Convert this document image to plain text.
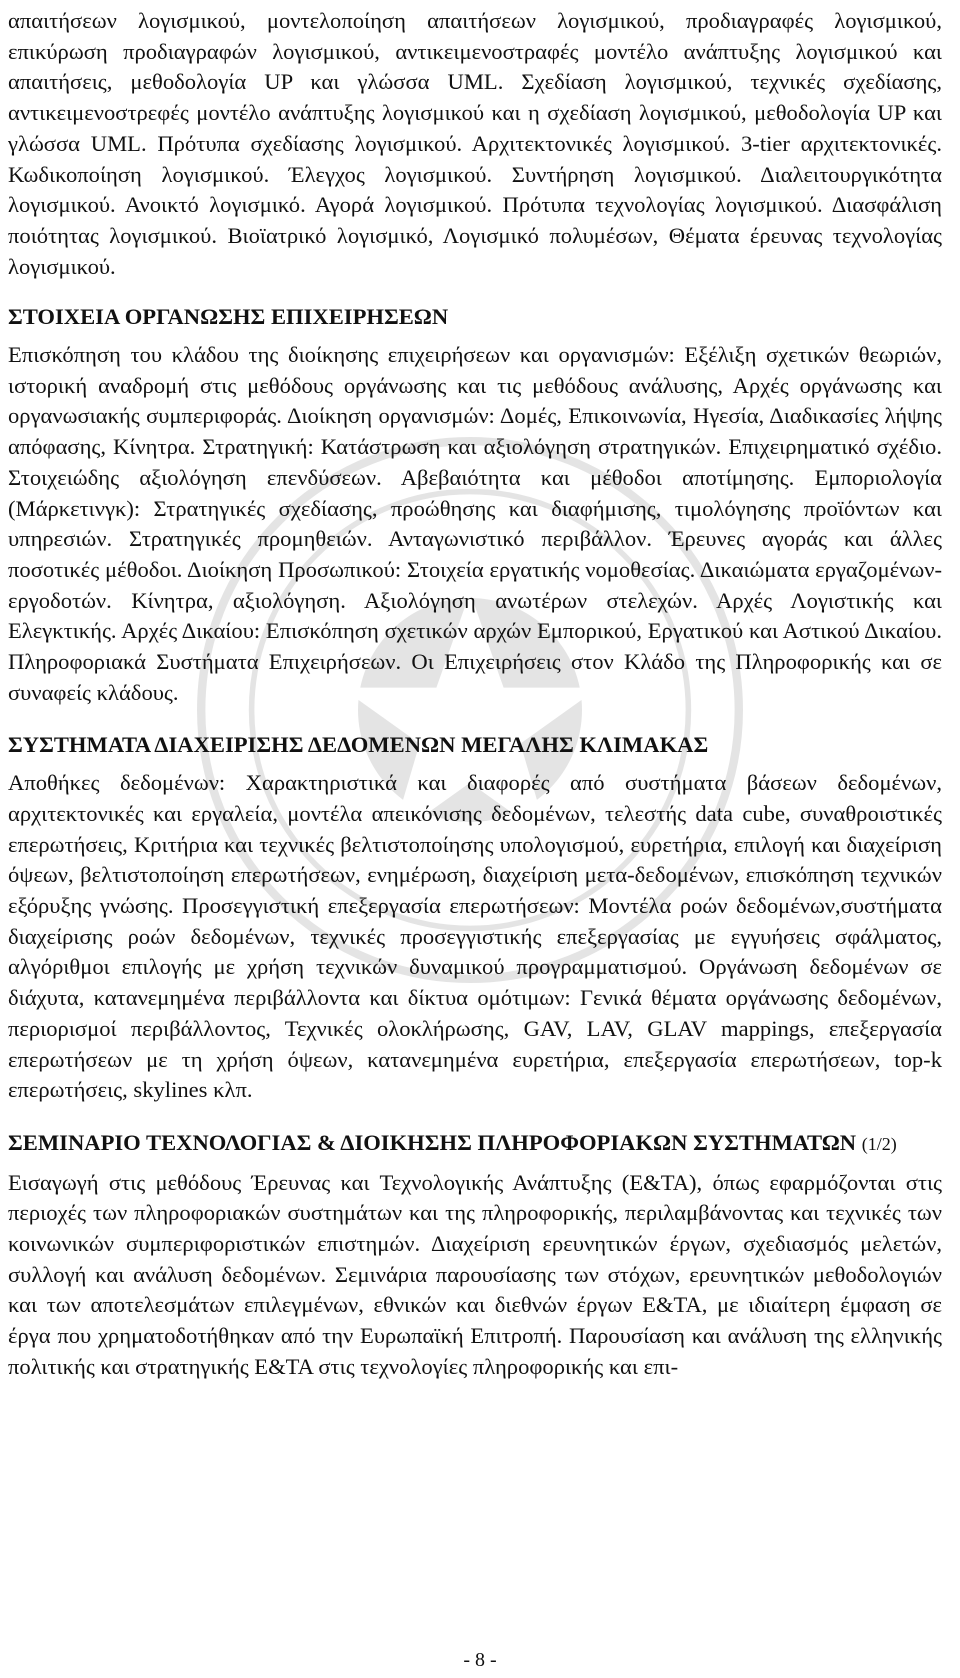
απαιτήσεων λογισμικού, μοντελοποίηση απαιτήσεων λογισμικού, προδιαγραφές λογισμικού, επικύρωση προδιαγραφών λογισμικού, αντικειμενοστραφές μοντέλο ανάπτυξης λογισμικού και απαιτήσεις, μεθοδολογία UP και γλώσσα UML. Σχεδίαση λογισμικού, τεχνικές σχεδίασης, αντικειμενοστρεφές μοντέλο ανάπτυξης λογισμικού και η σχεδίαση λογισμικού, μεθοδολογία UP και γλώσσα UML. Πρότυπα σχεδίασης λογισμικού. Αρχιτεκτονικές λογισμικού. 3-tier αρχιτεκτονικές. Κωδικοποίηση λογισμικού. Έλεγχος λογισμικού. Συντήρηση λογισμικού. Διαλειτουργικότητα λογισμικού. Ανοικτό λογισμικό. Αγορά λογισμικού. Πρότυπα τεχνολογίας λογισμικού. Διασφάλιση ποιότητας λογισμικού. Βιοϊατρικό λογισμικό, Λογισμικό πολυμέσων, Θέματα έρευνας τεχνολογίας λογισμικού.

ΣΤΟΙΧΕΙΑ ΟΡΓΑΝΩΣΗΣ ΕΠΙΧΕΙΡΗΣΕΩΝ

Επισκόπηση του κλάδου της διοίκησης επιχειρήσεων και οργανισμών: Εξέλιξη σχετικών θεωριών, ιστορική αναδρομή στις μεθόδους οργάνωσης και τις μεθόδους ανάλυσης, Αρχές οργάνωσης και οργανωσιακής συμπεριφοράς. Διοίκηση οργανισμών: Δομές, Επικοινωνία, Ηγεσία, Διαδικασίες λήψης απόφασης, Κίνητρα. Στρατηγική: Κατάστρωση και αξιολόγηση στρατηγικών. Επιχειρηματικό σχέδιο. Στοιχειώδης αξιολόγηση επενδύσεων. Αβεβαιότητα και μέθοδοι αποτίμησης. Εμποριολογία (Μάρκετινγκ): Στρατηγικές σχεδίασης, προώθησης και διαφήμισης, τιμολόγησης προϊόντων και υπηρεσιών. Στρατηγικές προμηθειών. Ανταγωνιστικό περιβάλλον. Έρευνες αγοράς και άλλες ποσοτικές μέθοδοι. Διοίκηση Προσωπικού: Στοιχεία εργατικής νομοθεσίας. Δικαιώματα εργαζομένων-εργοδοτών. Κίνητρα, αξιολόγηση. Αξιολόγηση ανωτέρων στελεχών. Αρχές Λογιστικής και Ελεγκτικής. Αρχές Δικαίου: Επισκόπηση σχετικών αρχών Εμπορικού, Εργατικού και Αστικού Δικαίου. Πληροφοριακά Συστήματα Επιχειρήσεων. Οι Επιχειρήσεις στον Κλάδο της Πληροφορικής και σε συναφείς κλάδους.

ΣΥΣΤΗΜΑΤΑ ΔΙΑΧΕΙΡΙΣΗΣ ΔΕΔΟΜΕΝΩΝ ΜΕΓΑΛΗΣ ΚΛΙΜΑΚΑΣ

Αποθήκες δεδομένων: Χαρακτηριστικά και διαφορές από συστήματα βάσεων δεδομένων, αρχιτεκτονικές και εργαλεία, μοντέλα απεικόνισης δεδομένων, τελεστής data cube, συναθροιστικές επερωτήσεις, Κριτήρια και τεχνικές βελτιστοποίησης υπολογισμού, ευρετήρια, επιλογή και διαχείριση όψεων, βελτιστοποίηση επερωτήσεων, ενημέρωση, διαχείριση μετα-δεδομένων, επισκόπηση τεχνικών εξόρυξης γνώσης. Προσεγγιστική επεξεργασία επερωτήσεων: Μοντέλα ροών δεδομένων,συστήματα διαχείρισης ροών δεδομένων, τεχνικές προσεγγιστικής επεξεργασίας με εγγυήσεις σφάλματος, αλγόριθμοι επιλογής με χρήση τεχνικών δυναμικού προγραμματισμού. Οργάνωση δεδομένων σε διάχυτα, κατανεμημένα περιβάλλοντα και δίκτυα ομότιμων: Γενικά θέματα οργάνωσης δεδομένων, περιορισμοί περιβάλλοντος, Τεχνικές ολοκλήρωσης, GAV, LAV, GLAV mappings, επεξεργασία επερωτήσεων με τη χρήση όψεων, κατανεμημένα ευρετήρια, επεξεργασία επερωτήσεων, top-k επερωτήσεις, skylines κλπ.

ΣΕΜΙΝΑΡΙΟ ΤΕΧΝΟΛΟΓΙΑΣ & ΔΙΟΙΚΗΣΗΣ ΠΛΗΡΟΦΟΡΙΑΚΩΝ ΣΥΣΤΗΜΑΤΩΝ (1/2)

Εισαγωγή στις μεθόδους Έρευνας και Τεχνολογικής Ανάπτυξης (Ε&ΤΑ), όπως εφαρμόζονται στις περιοχές των πληροφοριακών συστημάτων και της πληροφορικής, περιλαμβάνοντας και τεχνικές των κοινωνικών συμπεριφοριστικών επιστημών. Διαχείριση ερευνητικών έργων, σχεδιασμός μελετών, συλλογή και ανάλυση δεδομένων. Σεμινάρια παρουσίασης των στόχων, ερευνητικών μεθοδολογιών και των αποτελεσμάτων επιλεγμένων, εθνικών και διεθνών έργων Ε&ΤΑ, με ιδιαίτερη έμφαση σε έργα που χρηματοδοτήθηκαν από την Ευρωπαϊκή Επιτροπή. Παρουσίαση και ανάλυση της ελληνικής πολιτικής και στρατηγικής Ε&ΤΑ στις τεχνολογίες πληροφορικής και επι-

- 8 -
